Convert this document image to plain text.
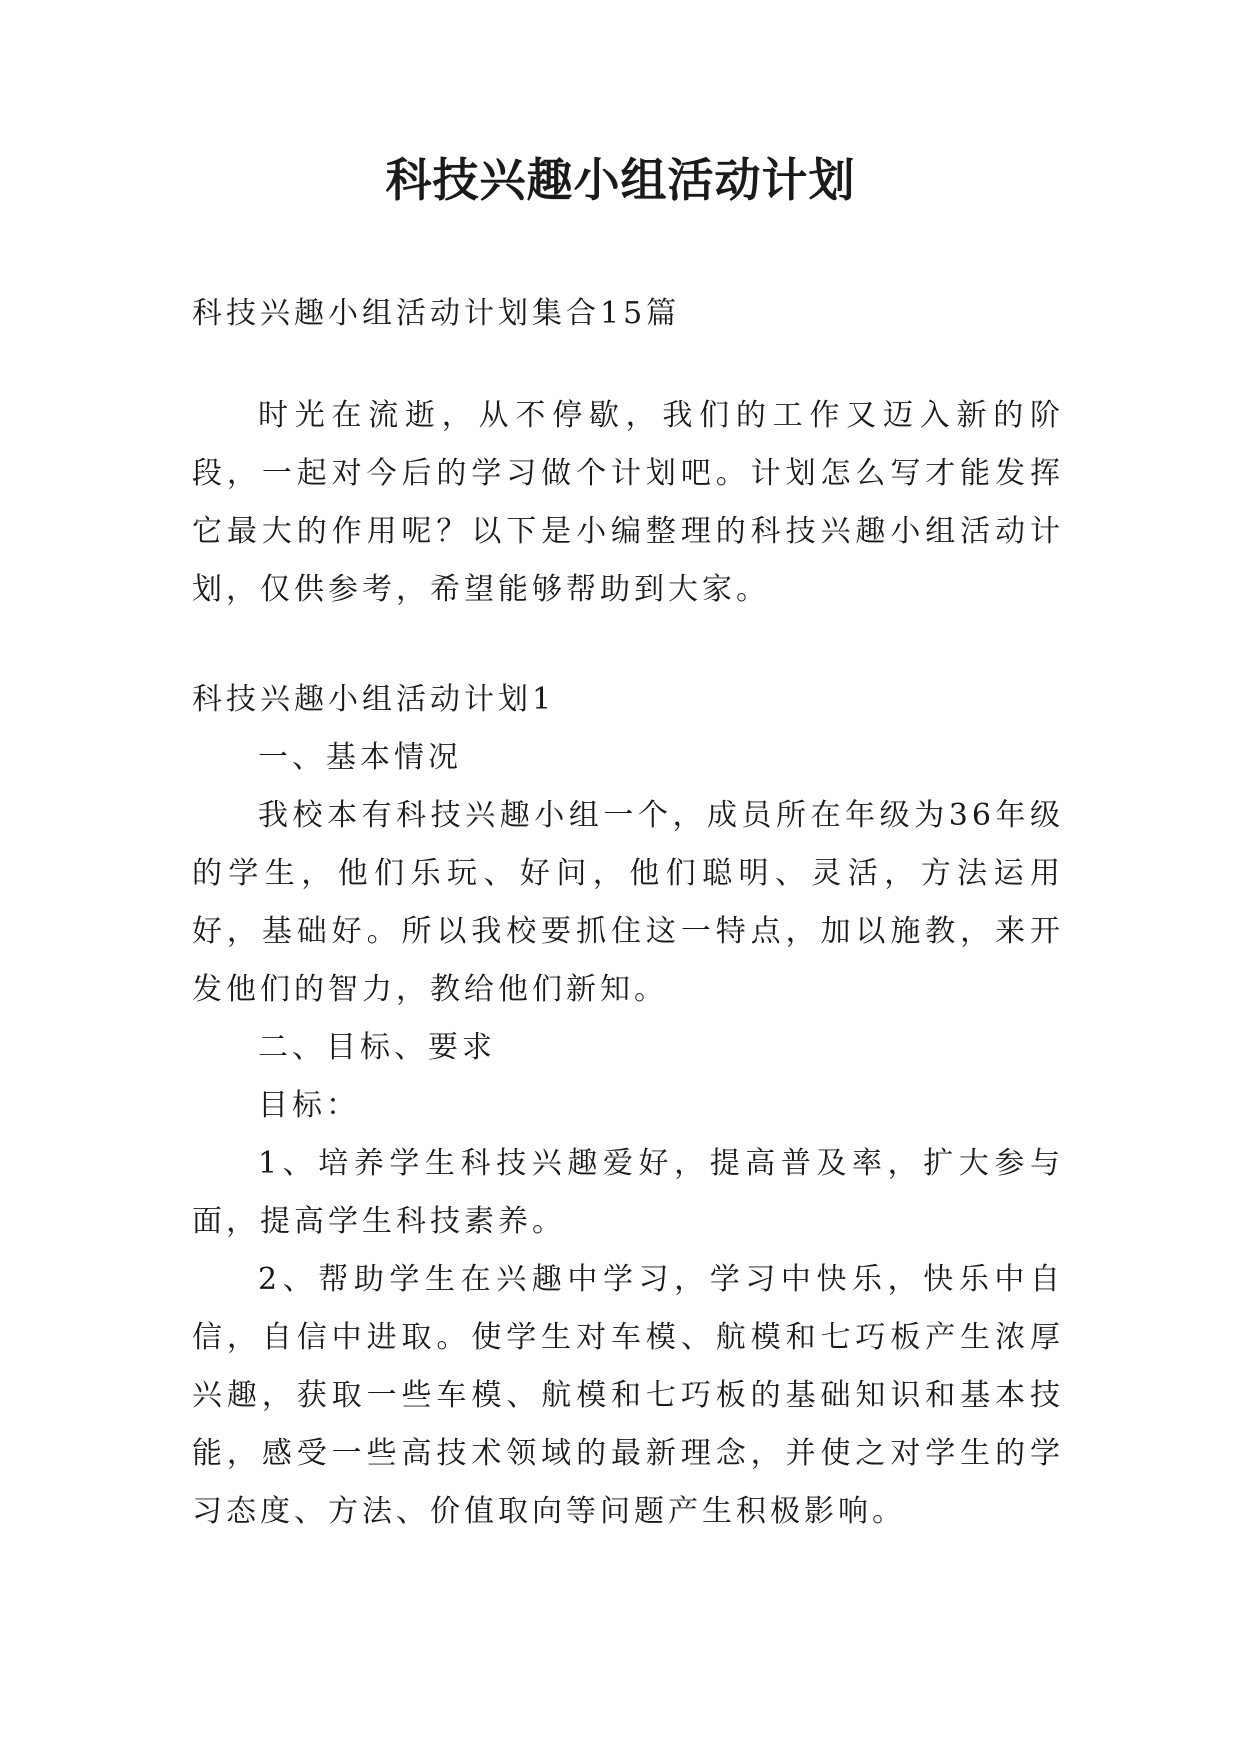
科技兴趣小组活动计划

科技兴趣小组活动计划集合15篇

时光在流逝，从不停歇，我们的工作又迈入新的阶段，一起对今后的学习做个计划吧。计划怎么写才能发挥它最大的作用呢？以下是小编整理的科技兴趣小组活动计划，仅供参考，希望能够帮助到大家。

科技兴趣小组活动计划1

一、基本情况

我校本有科技兴趣小组一个，成员所在年级为36年级的学生，他们乐玩、好问，他们聪明、灵活，方法运用好，基础好。所以我校要抓住这一特点，加以施教，来开发他们的智力，教给他们新知。

二、目标、要求

目标：

1、培养学生科技兴趣爱好，提高普及率，扩大参与面，提高学生科技素养。

2、帮助学生在兴趣中学习，学习中快乐，快乐中自信，自信中进取。使学生对车模、航模和七巧板产生浓厚兴趣，获取一些车模、航模和七巧板的基础知识和基本技能，感受一些高技术领域的最新理念，并使之对学生的学习态度、方法、价值取向等问题产生积极影响。
